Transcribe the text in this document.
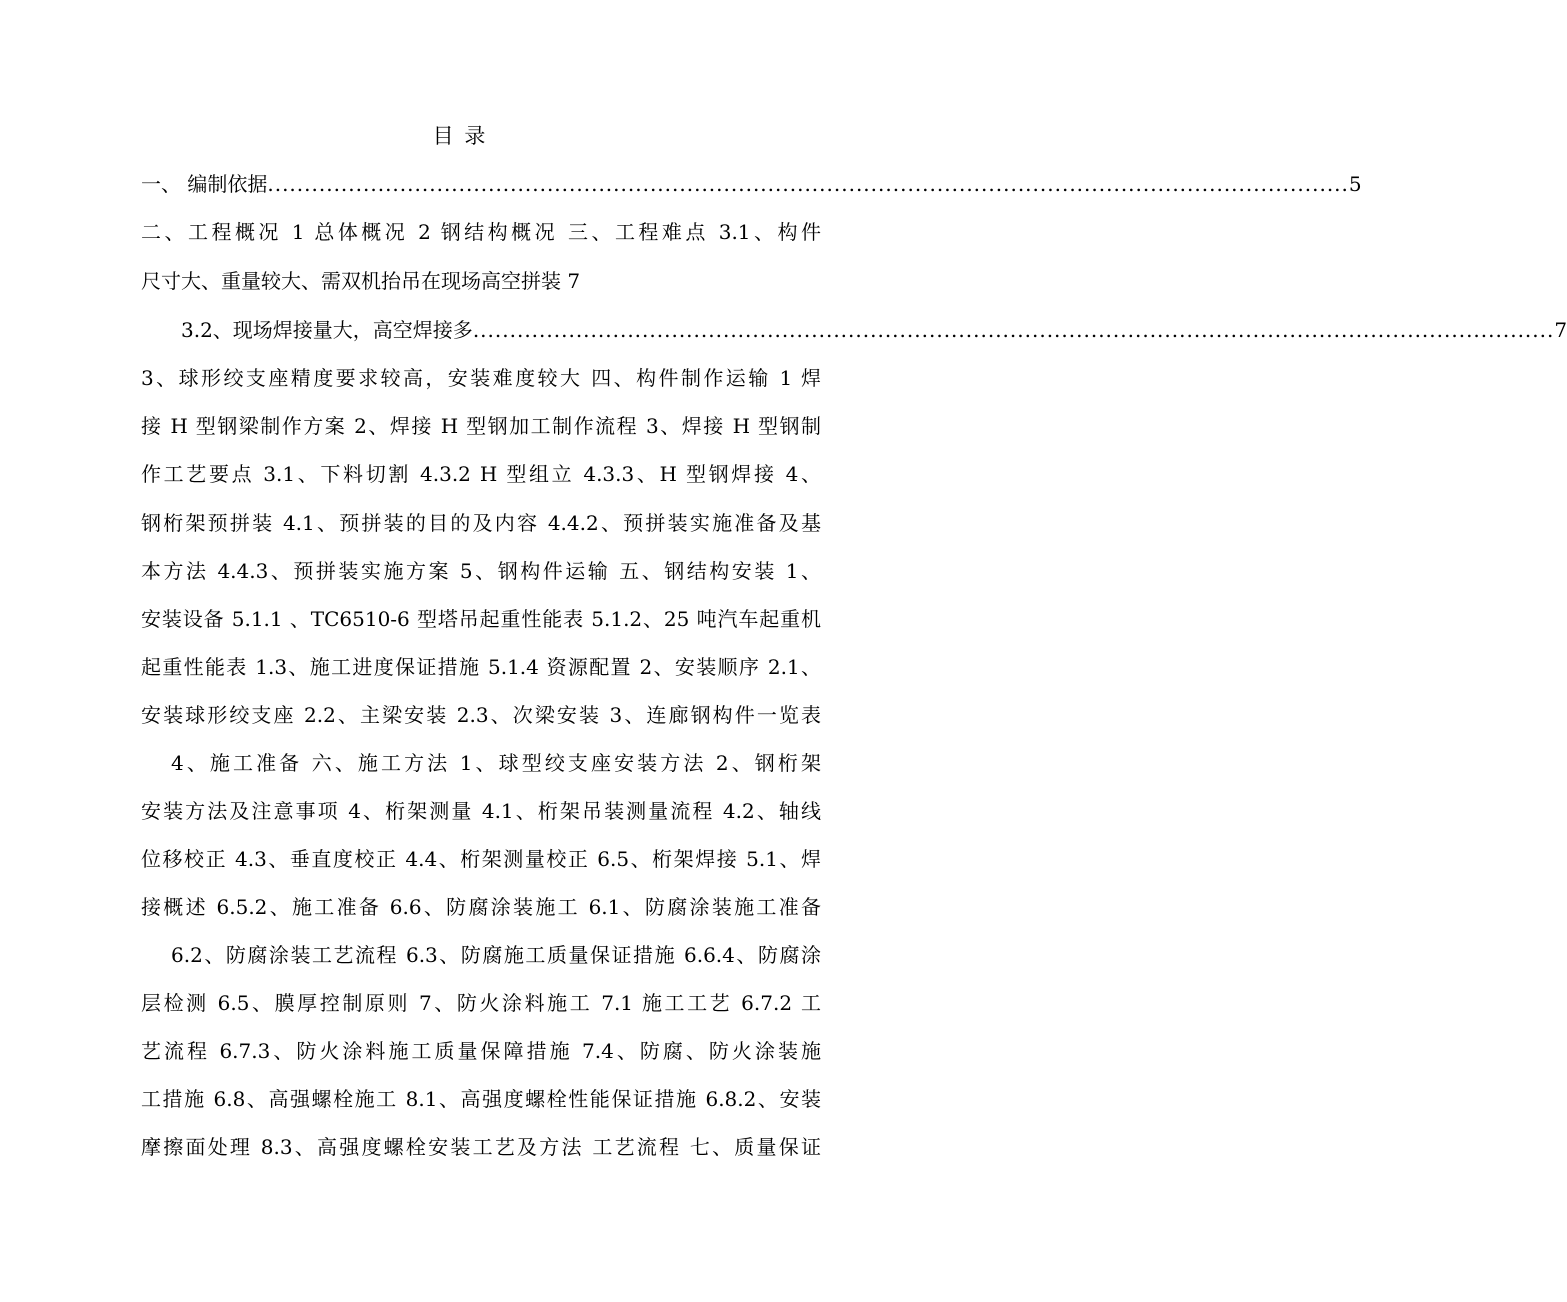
目 录
一、 编制依据 ................................................................................................................................................... 5
二、工程概况 1 总体概况 2 钢结构概况 三、工程难点 3.1、构件
尺寸大、重量较大、需双机抬吊在现场高空拼装 7
3.2、现场焊接量大，高空焊接多 ................................................................................................................................................... 7
3、球形绞支座精度要求较高，安装难度较大 四、构件制作运输 1 焊
接 H 型钢梁制作方案 2、焊接 H 型钢加工制作流程 3、焊接 H 型钢制
作工艺要点 3.1、下料切割 4.3.2 H 型组立 4.3.3、H 型钢焊接 4、
钢桁架预拼装 4.1、预拼装的目的及内容 4.4.2、预拼装实施准备及基
本方法 4.4.3、预拼装实施方案 5、钢构件运输 五、钢结构安装 1、
安装设备 5.1.1 、TC6510-6 型塔吊起重性能表 5.1.2、25 吨汽车起重机
起重性能表 1.3、施工进度保证措施 5.1.4 资源配置 2、安装顺序 2.1、
安装球形绞支座 2.2、主梁安装 2.3、次梁安装 3、连廊钢构件一览表
4、施工准备 六、施工方法 1、球型绞支座安装方法 2、钢桁架
安装方法及注意事项 4、桁架测量 4.1、桁架吊装测量流程 4.2、轴线
位移校正 4.3、垂直度校正 4.4、桁架测量校正 6.5、桁架焊接 5.1、焊
接概述 6.5.2、施工准备 6.6、防腐涂装施工 6.1、防腐涂装施工准备
6.2、防腐涂装工艺流程 6.3、防腐施工质量保证措施 6.6.4、防腐涂
层检测 6.5、膜厚控制原则 7、防火涂料施工 7.1 施工工艺 6.7.2 工
艺流程 6.7.3、防火涂料施工质量保障措施 7.4、防腐、防火涂装施
工措施 6.8、高强螺栓施工 8.1、高强度螺栓性能保证措施 6.8.2、安装
摩擦面处理 8.3、高强度螺栓安装工艺及方法 工艺流程 七、质量保证
